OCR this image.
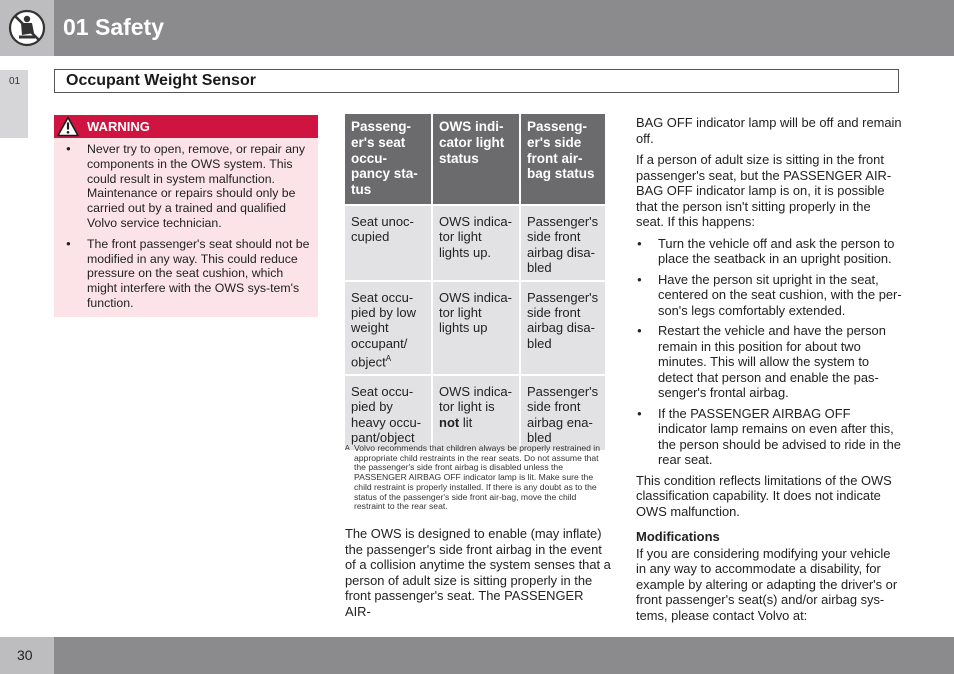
01 Safety
01	Occupant Weight Sensor
WARNING
● Never try to open, remove, or repair any components in the OWS system. This could result in system malfunction. Maintenance or repairs should only be carried out by a trained and qualified Volvo service technician.
● The front passenger's seat should not be modified in any way. This could reduce pressure on the seat cushion, which might interfere with the OWS sys-tem's function.
Passeng-er's seat occu-pancy sta-tus	OWS indi-cator light status	Passeng-er's side front air-bag status
Seat unoc-cupied	OWS indica-tor light lights up.	Passenger's side front airbag disa-bled
Seat occu-pied by low weight occupant/ object$^A$	OWS indica-tor light lights up	Passenger's side front airbag disa-bled
Seat occu-pied by heavy occu-pant/object	OWS indica-tor light is not lit	Passenger's side front airbag ena-bled
A Volvo recommends that children always be properly restrained in appropriate child restraints in the rear seats. Do not assume that the passenger's side front airbag is disabled unless the PASSENGER AIRBAG OFF indicator lamp is lit. Make sure the child restraint is properly installed. If there is any doubt as to the status of the passenger's side front air-bag, move the child restraint to the rear seat.

The OWS is designed to enable (may inflate) the passenger's side front airbag in the event of a collision anytime the system senses that a person of adult size is sitting properly in the front passenger's seat. The PASSENGER AIR-

BAG OFF indicator lamp will be off and remain off.

If a person of adult size is sitting in the front passenger's seat, but the PASSENGER AIR-BAG OFF indicator lamp is on, it is possible that the person isn't sitting properly in the seat. If this happens:

● Turn the vehicle off and ask the person to place the seatback in an upright position.
● Have the person sit upright in the seat, centered on the seat cushion, with the per-son's legs comfortably extended.
● Restart the vehicle and have the person remain in this position for about two minutes. This will allow the system to detect that person and enable the pas-senger's frontal airbag.
● If the PASSENGER AIRBAG OFF indicator lamp remains on even after this, the person should be advised to ride in the rear seat.

This condition reflects limitations of the OWS classification capability. It does not indicate OWS malfunction.

Modifications

If you are considering modifying your vehicle in any way to accommodate a disability, for example by altering or adapting the driver's or front passenger's seat(s) and/or airbag sys-tems, please contact Volvo at:

30
